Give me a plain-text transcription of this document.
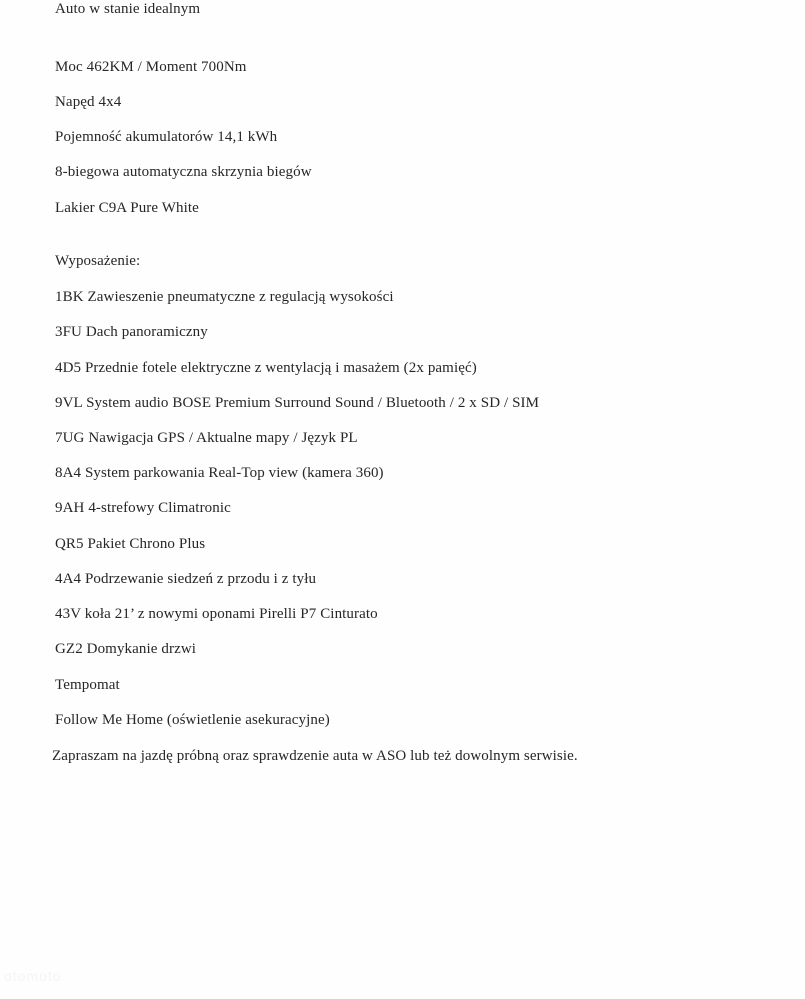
Auto w stanie idealnym

Moc 462KM / Moment 700Nm

Napęd 4x4

Pojemność akumulatorów 14,1 kWh

8-biegowa automatyczna skrzynia biegów

Lakier C9A Pure White

Wyposażenie:

1BK Zawieszenie pneumatyczne z regulacją wysokości

3FU Dach panoramiczny

4D5 Przednie fotele elektryczne z wentylacją i masażem (2x pamięć)

9VL System audio BOSE Premium Surround Sound / Bluetooth / 2 x SD / SIM

7UG Nawigacja GPS / Aktualne mapy / Język PL

8A4 System parkowania Real-Top view (kamera 360)

9AH 4-strefowy Climatronic

QR5 Pakiet Chrono Plus

4A4 Podrzewanie siedzeń z przodu i z tyłu

43V koła 21’ z nowymi oponami Pirelli P7 Cinturato

GZ2 Domykanie drzwi

Tempomat

Follow Me Home (oświetlenie asekuracyjne)

Zapraszam na jazdę próbną oraz sprawdzenie auta w ASO lub też dowolnym serwisie.

otomoto
